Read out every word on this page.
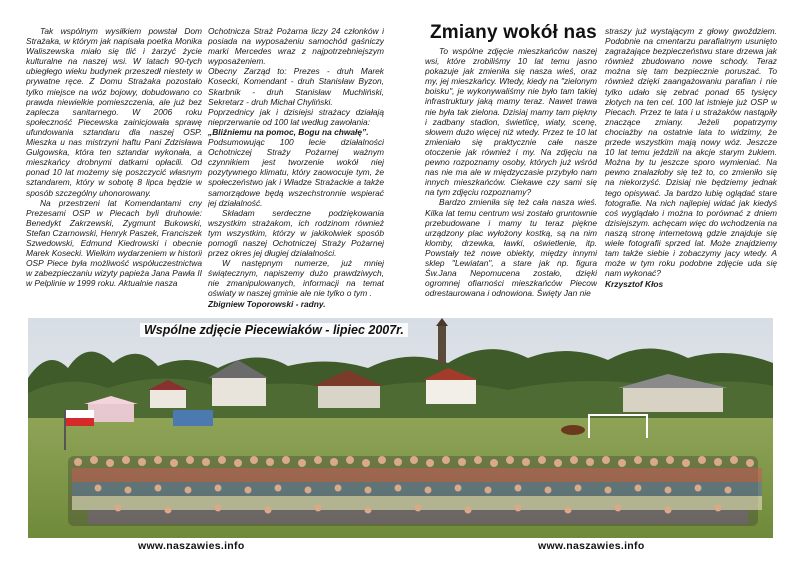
Tak wspólnym wysiłkiem powstał Dom Strażaka, w którym jak napisała poetka Monika Waliszewska miało się tlić i żarzyć życie kulturalne na naszej wsi. W latach 90-tych ubiegłego wieku budynek przeszedł niestety w prywatne ręce. Z Domu Strażaka pozostało tylko miejsce na wóz bojowy, dobudowano co prawda niewielkie pomieszczenia, ale już bez zaplecza sanitarnego. W 2006 roku społeczność Piecewska zainicjowała sprawę ufundowania sztandaru dla naszej OSP. Mieszka u nas mistrzyni haftu Pani Zdzisława Gulgowska, która ten sztandar wykonała, a mieszkańcy drobnymi datkami opłacili. Od ponad 10 lat możemy się poszczycić własnym sztandarem, który w sobotę 8 lipca będzie w sposób szczególny uhonorowany.

Na przestrzeni lat Komendantami cny Prezesami OSP w Piecach byli druhowie: Benedykt Zakrzewski, Zygmunt Bukowski, Stefan Czarnowski, Henryk Paszek, Franciszek Szwedowski, Edmund Kiedrowski i obecnie Marek Kosecki. Wielkim wydarzeniem w historii OSP Piece była możliwość współuczestnictwa w zabezpieczaniu wizyty papieża Jana Pawła II w Pelplinie w 1999 roku. Aktualnie nasza

Ochotnicza Straż Pożarna liczy 24 członków i posiada na wyposażeniu samochód gaśniczy marki Mercedes wraz z najpotrzebniejszym wyposażeniem.

Obecny Zarząd to: Prezes - druh Marek Kosecki, Komendant - druh Stanisław Byzon, Skarbnik - druh Stanisław Muchliński, Sekretarz - druh Michał Chyliński.

Poprzednicy jak i dzisiejsi strażacy działają nieprzerwanie od 100 lat według zawołania:

„Bliźniemu na pomoc, Bogu na chwałę”.

Podsumowując 100 lecie działalności Ochotniczej Straży Pożarnej ważnym czynnikiem jest tworzenie wokół niej pozytywnego klimatu, który zaowocuje tym, że społeczeństwo jak i Władze Strażackie a także samorządowe będą wszechstronnie wspierać jej działalność.

Składam serdeczne podziękowania wszystkim strażakom, ich rodzinom również tym wszystkim, którzy w jakikolwiek sposób pomogli naszej Ochotniczej Straży Pożarnej przez okres jej długiej działalności.

W następnym numerze, już mniej świątecznym, napiszemy dużo prawdziwych, nie zmanipulowanych, informacji na temat oświaty w naszej gminie ale nie tylko o tym .

Zbigniew Toporowski - radny.

Zmiany wokół nas

To wspólne zdjęcie mieszkańców naszej wsi, które zrobiliśmy 10 lat temu jasno pokazuje jak zmieniła się nasza wieś, oraz my, jej mieszkańcy. Wtedy, kiedy na "zielonym boisku", je wykonywaliśmy nie było tam takiej infrastruktury jaką mamy teraz. Nawet trawa nie była tak zielona. Dzisiaj mamy tam piękny i zadbany stadion, świetlicę, wiaty, scenę, słowem dużo więcej niż wtedy. Przez te 10 lat zmieniało się praktycznie całe nasze otoczenie jak również i my. Na zdjęciu na pewno rozpoznamy osoby, których już wśród nas nie ma ale w międzyczasie przybyło nam innych mieszkańców. Ciekawe czy sami się na tym zdjęciu rozpoznamy?

Bardzo zmieniła się też cała nasza wieś. Kilka lat temu centrum wsi zostało gruntownie przebudowane i mamy tu teraz piękne urządzony plac wyłożony kostką, są na nim klomby, drzewka, ławki, oświetlenie, itp. Powstały też nowe obiekty, między innymi sklep "Lewiatan", a stare jak np. figura Św.Jana Nepomucena zostało, dzięki ogromnej ofiarności mieszkańców Piecow odrestaurowana i odnowiona. Święty Jan nie

straszy już wystającym z głowy gwoździem. Podobnie na cmentarzu parafialnym usunięto zagrażające bezpieczeństwu stare drzewa jak również zbudowano nowe schody. Teraz można się tam bezpiecznie poruszać. To również dzięki zaangażowaniu parafian i nie tylko udało się zebrać ponad 65 tysięcy złotych na ten cel. 100 lat istnieje już OSP w Piecach. Przez te lata i u strażaków nastąpiły znaczące zmiany. Jeżeli popatrzymy chociażby na ostatnie lata to widzimy, że przede wszystkim mają nowy wóz. Jeszcze 10 lat temu jeździli na akcje starym żukiem. Można by tu jeszcze sporo wymieniać. Na pewno znalazłoby się też to, co zmieniło się na niekorzyść. Dzisiaj nie będziemy jednak tego opisywać. Ja bardzo lubię oglądać stare fotografie. Na nich najlepiej widać jak kiedyś coś wyglądało i można to porównać z dniem dzisiejszym. achęcam więc do wchodzenia na naszą stronę internetową gdzie znajduje się wiele fotografii sprzed lat. Może znajdziemy tam także siebie i zobaczymy jacy wtedy. A może w tym roku podobne zdjęcie uda się nam wykonać?

Krzysztof Kłos
Wspólne zdjęcie Piecewiaków - lipiec 2007r.
www.naszawies.info	www.naszawies.info
